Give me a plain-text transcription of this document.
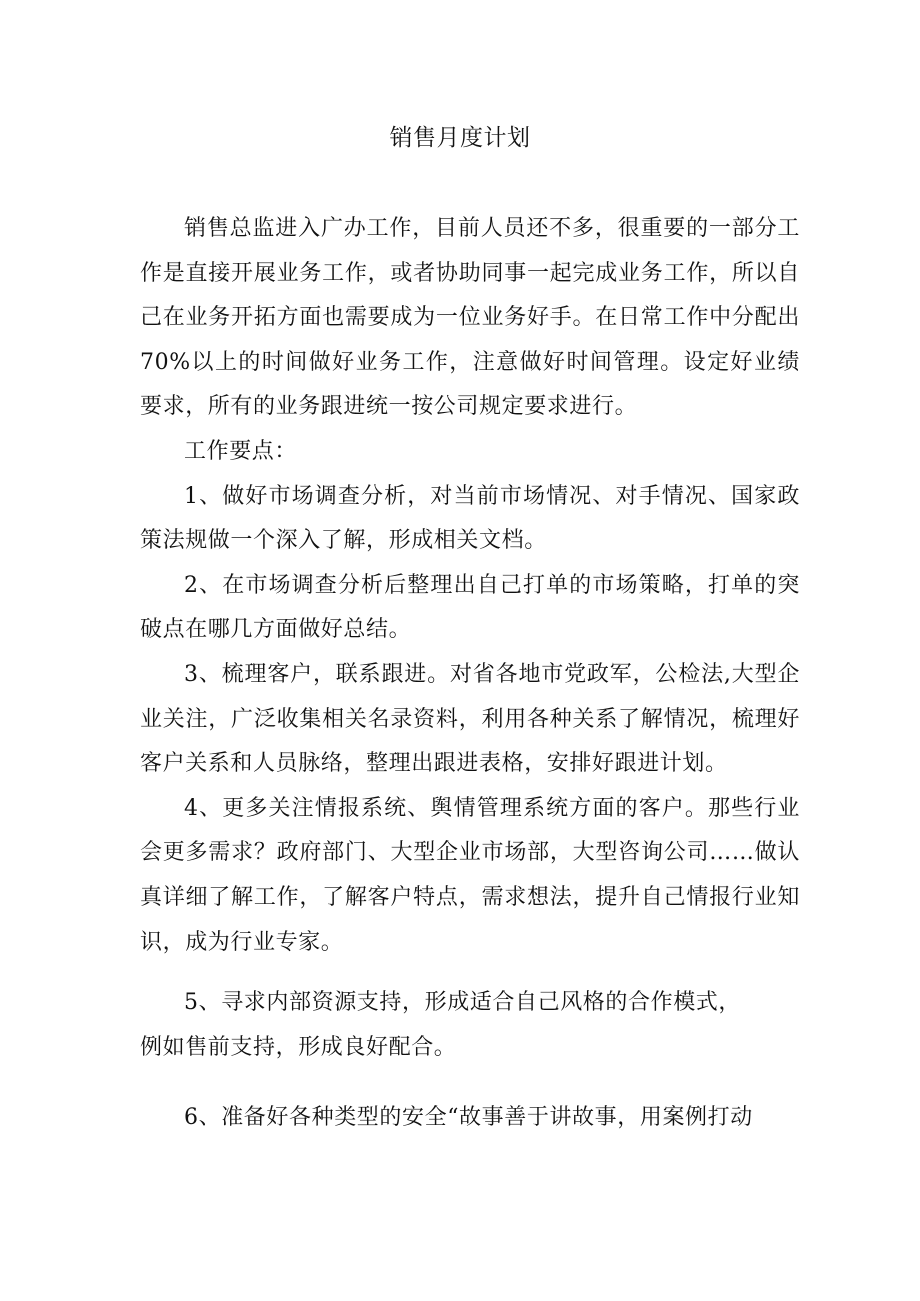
销售月度计划

销售总监进入广办工作，目前人员还不多，很重要的一部分工作是直接开展业务工作，或者协助同事一起完成业务工作，所以自己在业务开拓方面也需要成为一位业务好手。在日常工作中分配出70%以上的时间做好业务工作，注意做好时间管理。设定好业绩要求，所有的业务跟进统一按公司规定要求进行。

工作要点：

1、做好市场调查分析，对当前市场情况、对手情况、国家政策法规做一个深入了解，形成相关文档。

2、在市场调查分析后整理出自己打单的市场策略，打单的突破点在哪几方面做好总结。

3、梳理客户，联系跟进。对省各地市党政军，公检法,大型企业关注，广泛收集相关名录资料，利用各种关系了解情况，梳理好客户关系和人员脉络，整理出跟进表格，安排好跟进计划。

4、更多关注情报系统、舆情管理系统方面的客户。那些行业会更多需求？政府部门、大型企业市场部，大型咨询公司……做认真详细了解工作，了解客户特点，需求想法，提升自己情报行业知识，成为行业专家。

5、寻求内部资源支持，形成适合自己风格的合作模式，

例如售前支持，形成良好配合。

6、准备好各种类型的安全“故事善于讲故事，用案例打动
